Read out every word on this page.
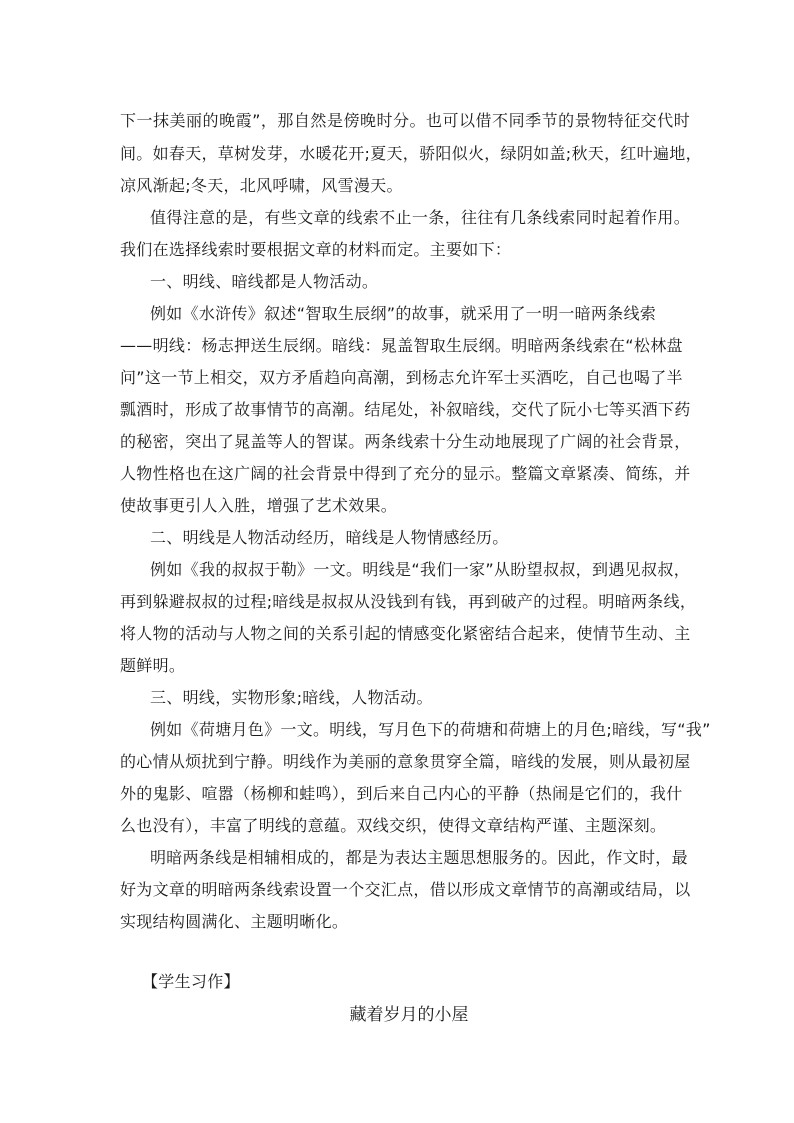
下一抹美丽的晚霞”，那自然是傍晚时分。也可以借不同季节的景物特征交代时
间。如春天，草树发芽，水暖花开;夏天，骄阳似火，绿阴如盖;秋天，红叶遍地，
凉风渐起;冬天，北风呼啸，风雪漫天。
值得注意的是，有些文章的线索不止一条，往往有几条线索同时起着作用。
我们在选择线索时要根据文章的材料而定。主要如下：
一、明线、暗线都是人物活动。
例如《水浒传》叙述“智取生辰纲”的故事，就采用了一明一暗两条线索
——明线：杨志押送生辰纲。暗线：晁盖智取生辰纲。明暗两条线索在“松林盘
问”这一节上相交，双方矛盾趋向高潮，到杨志允许军士买酒吃，自己也喝了半
瓢酒时，形成了故事情节的高潮。结尾处，补叙暗线，交代了阮小七等买酒下药
的秘密，突出了晁盖等人的智谋。两条线索十分生动地展现了广阔的社会背景，
人物性格也在这广阔的社会背景中得到了充分的显示。整篇文章紧凑、简练，并
使故事更引人入胜，增强了艺术效果。
二、明线是人物活动经历，暗线是人物情感经历。
例如《我的叔叔于勒》一文。明线是“我们一家”从盼望叔叔，到遇见叔叔，
再到躲避叔叔的过程;暗线是叔叔从没钱到有钱，再到破产的过程。明暗两条线，
将人物的活动与人物之间的关系引起的情感变化紧密结合起来，使情节生动、主
题鲜明。
三、明线，实物形象;暗线，人物活动。
例如《荷塘月色》一文。明线，写月色下的荷塘和荷塘上的月色;暗线，写“我”
的心情从烦扰到宁静。明线作为美丽的意象贯穿全篇，暗线的发展，则从最初屋
外的鬼影、喧嚣（杨柳和蛙鸣），到后来自己内心的平静（热闹是它们的，我什
么也没有），丰富了明线的意蕴。双线交织，使得文章结构严谨、主题深刻。
明暗两条线是相辅相成的，都是为表达主题思想服务的。因此，作文时，最
好为文章的明暗两条线索设置一个交汇点，借以形成文章情节的高潮或结局，以
实现结构圆满化、主题明晰化。
【学生习作】
藏着岁月的小屋
